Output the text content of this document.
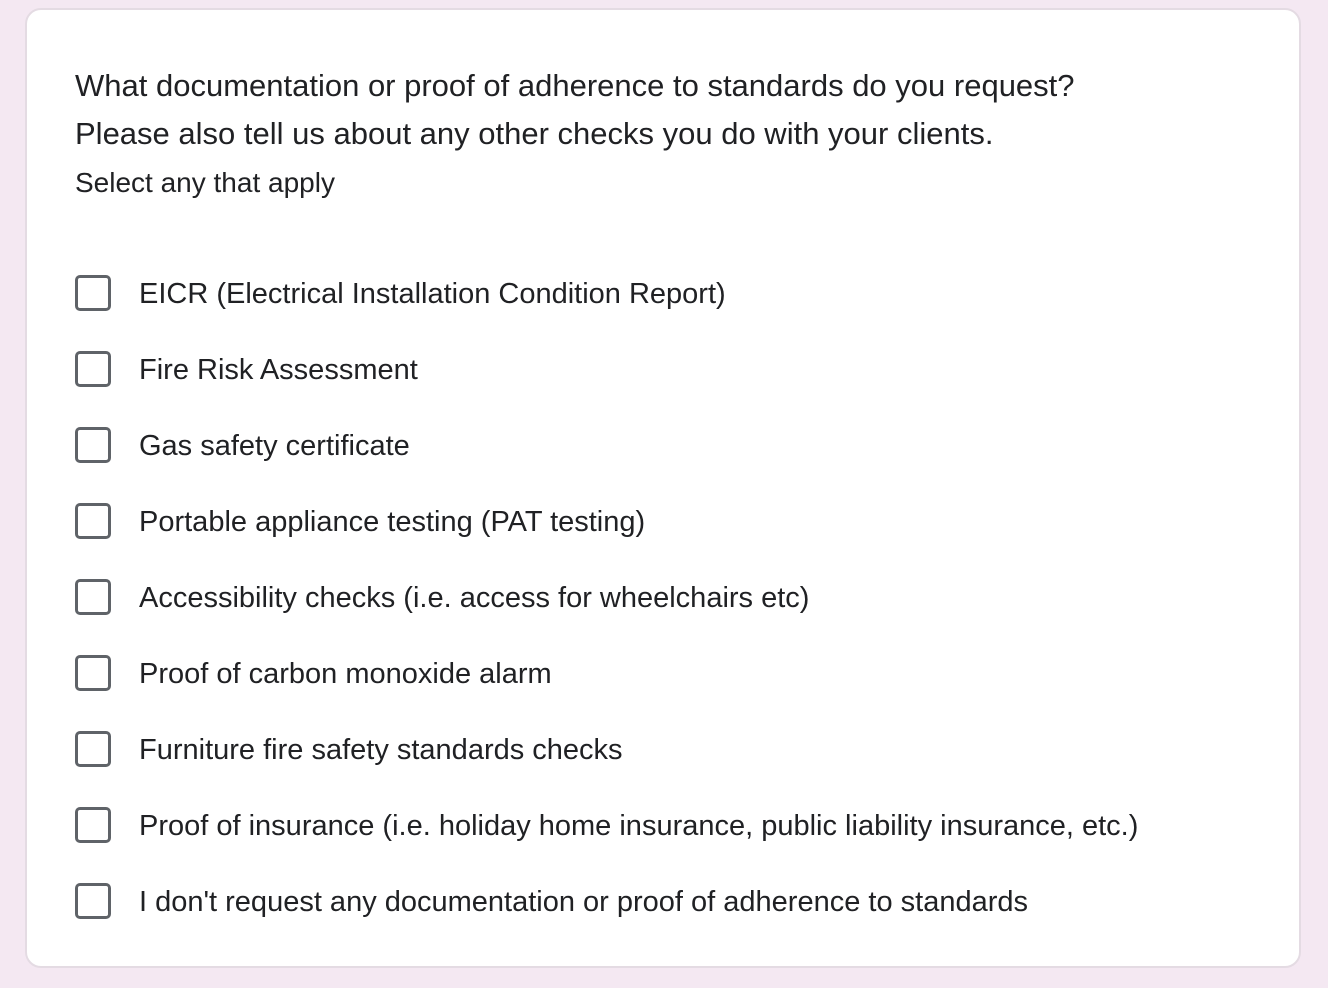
What documentation or proof of adherence to standards do you request?
Please also tell us about any other checks you do with your clients.
Select any that apply
EICR (Electrical Installation Condition Report)
Fire Risk Assessment
Gas safety certificate
Portable appliance testing (PAT testing)
Accessibility checks (i.e. access for wheelchairs etc)
Proof of carbon monoxide alarm
Furniture fire safety standards checks
Proof of insurance (i.e. holiday home insurance, public liability insurance, etc.)
I don't request any documentation or proof of adherence to standards
